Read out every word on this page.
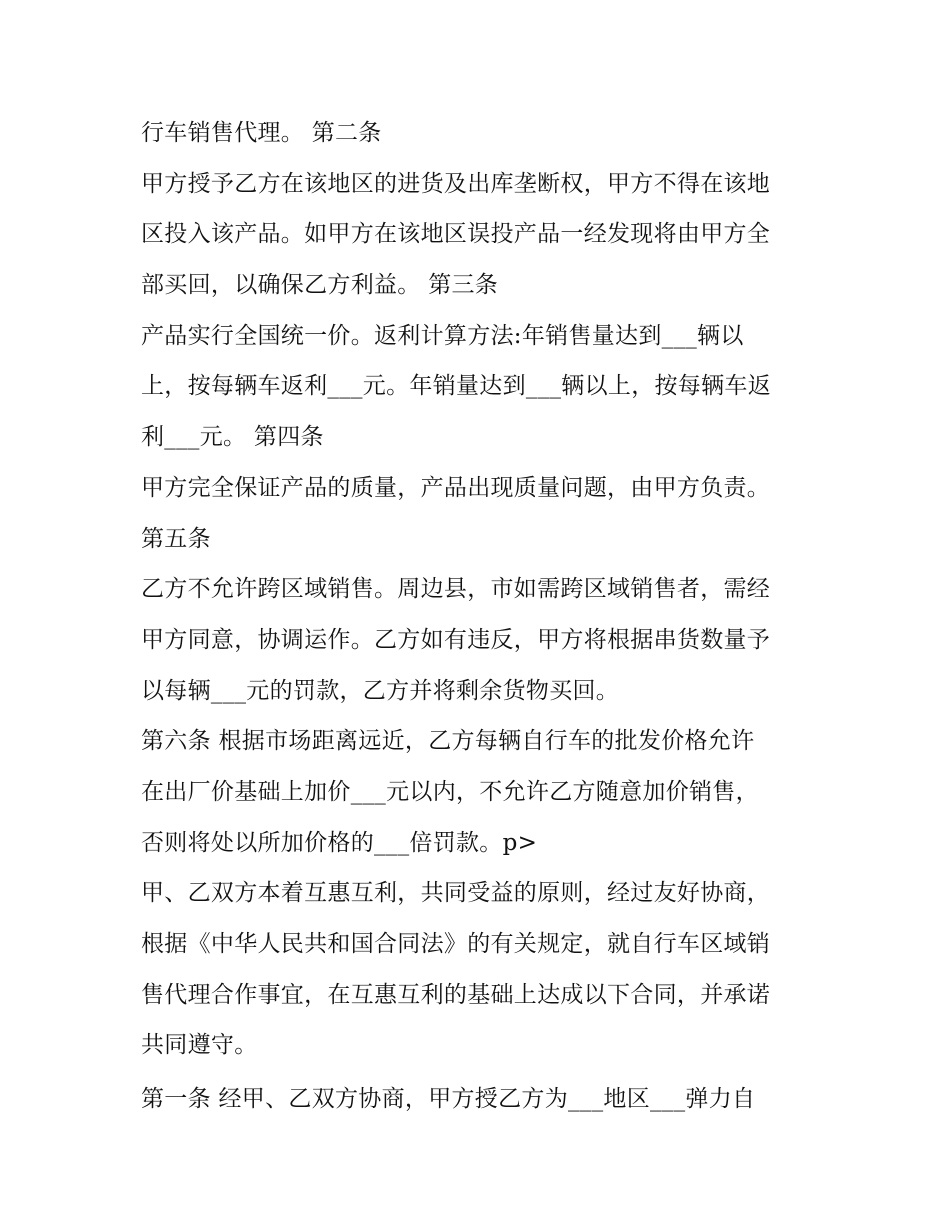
行车销售代理。 第二条
甲方授予乙方在该地区的进货及出库垄断权，甲方不得在该地
区投入该产品。如甲方在该地区误投产品一经发现将由甲方全
部买回，以确保乙方利益。 第三条
产品实行全国统一价。返利计算方法:年销售量达到___辆以
上，按每辆车返利___元。年销量达到___辆以上，按每辆车返
利___元。 第四条
甲方完全保证产品的质量，产品出现质量问题，由甲方负责。
第五条
乙方不允许跨区域销售。周边县，市如需跨区域销售者，需经
甲方同意，协调运作。乙方如有违反，甲方将根据串货数量予
以每辆___元的罚款，乙方并将剩余货物买回。
第六条 根据市场距离远近，乙方每辆自行车的批发价格允许
在出厂价基础上加价___元以内，不允许乙方随意加价销售，
否则将处以所加价格的___倍罚款。p>
甲、乙双方本着互惠互利，共同受益的原则，经过友好协商，
根据《中华人民共和国合同法》的有关规定，就自行车区域销
售代理合作事宜，在互惠互利的基础上达成以下合同，并承诺
共同遵守。
第一条 经甲、乙双方协商，甲方授乙方为___地区___弹力自
